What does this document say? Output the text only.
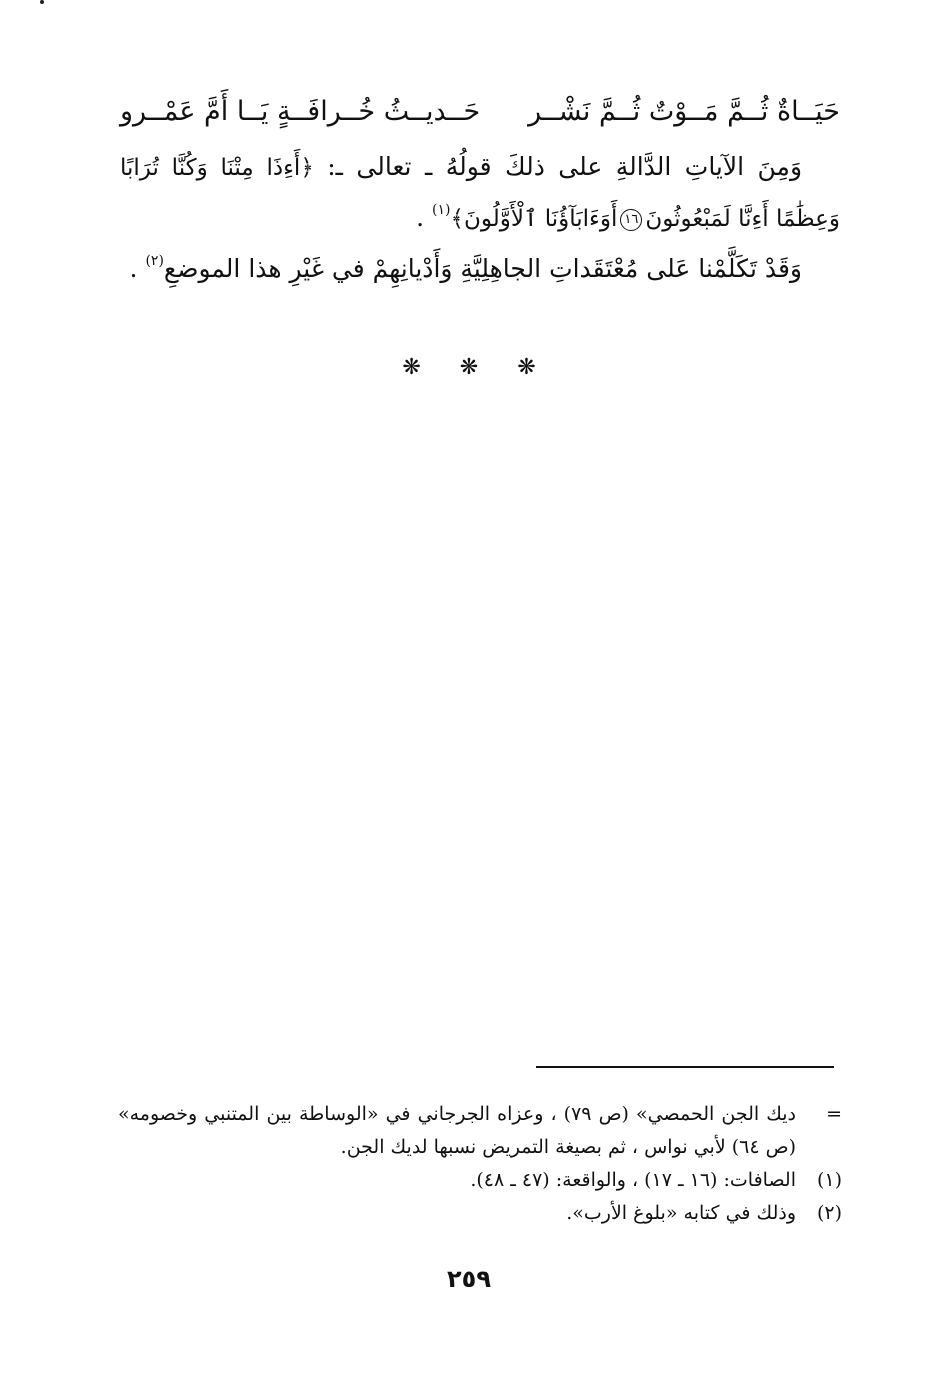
حَيَــاةٌ ثُــمَّ مَــوْتٌ ثُــمَّ نَشْــر
حَــديــثُ خُــرافَــةٍ يَــا أَمَّ عَمْــرو

وَمِنَ الآياتِ الدَّالةِ على ذلكَ قولُهُ ـ تعالى ـ: ﴿أَءِذَا مِتْنَا وَكُنَّا تُرَابًا وَعِظَٰمًا أَءِنَّا لَمَبْعُوثُونَ١٦أَوَءَابَآؤُنَا ٱلْأَوَّلُونَ﴾$^{(١)}$ .

وَقَدْ تَكَلَّمْنا عَلى مُعْتَقَداتِ الجاهِلِيَّةِ وَأَدْيانِهِمْ في غَيْرِ هذا الموضعِ$^{(٢)}$ .

❋ ❋ ❋
=
ديك الجن الحمصي» (ص ٧٩) ، وعزاه الجرجاني في «الوساطة بين المتنبي وخصومه» (ص ٦٤) لأبي نواس ، ثم بصيغة التمريض نسبها لديك الجن.
(١)
الصافات: (١٦ ـ ١٧) ، والواقعة: (٤٧ ـ ٤٨).
(٢)
وذلك في كتابه «بلوغ الأرب».
٢٥٩
